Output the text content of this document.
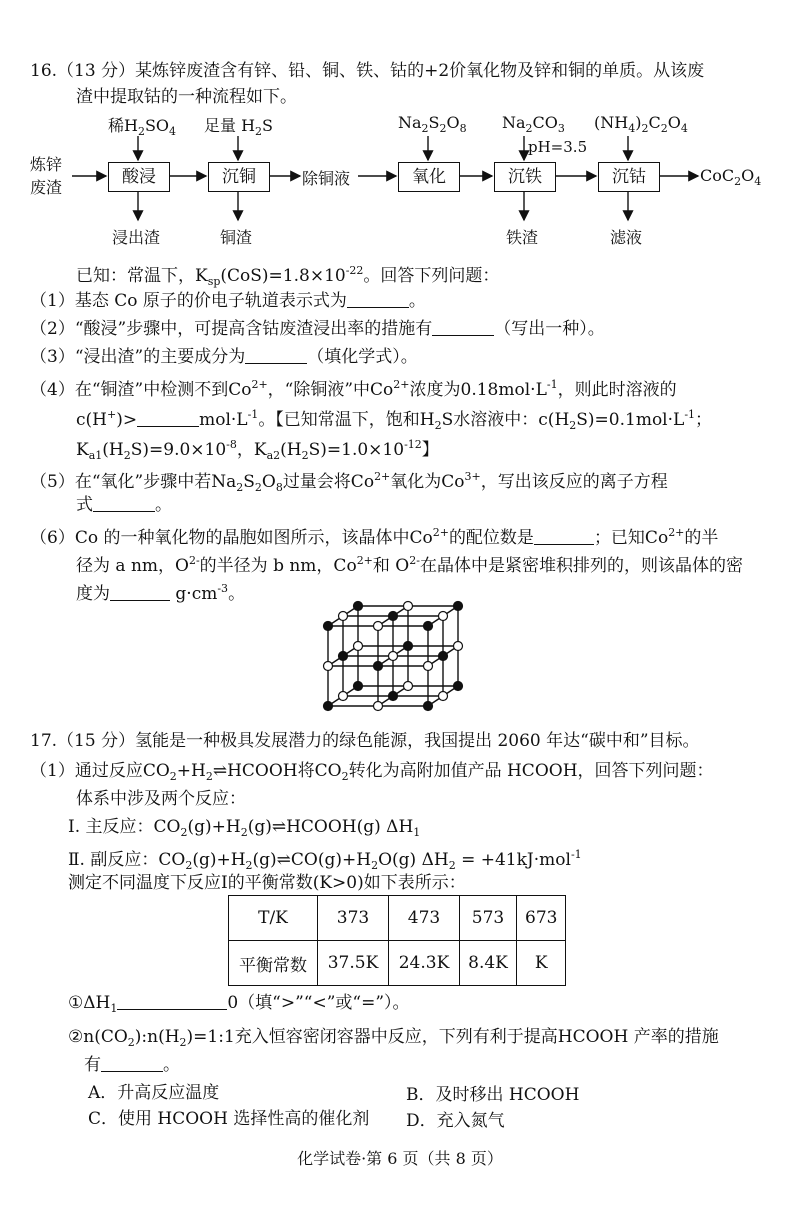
16.（13 分）某炼锌废渣含有锌、铅、铜、铁、钴的+2价氧化物及锌和铜的单质。从该废
渣中提取钴的一种流程如下。
炼锌
废渣
稀$H_2SO_4$ 足量 $H_2S$	$Na_2S_2O_8$ $Na_2CO_3$
pH=3.5
$(NH_4)_2C_2O_4$
酸浸	沉铜	除铜液	氧化	沉铁	沉钴	$CoC_2O_4$
浸出渣	铜渣	铁渣	滤液
已知：常温下，$K_{sp}(CoS)=1.8\times 10^{-22}$。回答下列问题：
（1）基态 Co 原子的价电子轨道表示式为	。
（2）“酸浸”步骤中，可提高含钴废渣浸出率的措施有	（写出一种）。
（3）“浸出渣”的主要成分为	（填化学式）。
（4）在“铜渣”中检测不到$Co^{2+}$，“除铜液”中$Co^{2+}$浓度为$0.18mol\cdot L^{-1}$，则此时溶液的
c(H+)>	$mol\cdot L^{-1}$。【已知常温下，饱和$H_2S$水溶液中：$c(H_2S)=0.1mol\cdot L^{-1}$；
$K_{a1}(H_2S)=9.0\times 10^{-8}$，$K_{a2}(H_2S)=1.0\times 10^{-12}$】
（5）在“氧化”步骤中若$Na_2S_2O_8$过量会将$Co^{2+}$氧化为$Co^{3+}$，写出该反应的离子方程
式	。
（6）Co 的一种氧化物的晶胞如图所示，该晶体中$Co^{2+}$的配位数是	；已知$Co^{2+}$的半
径为 a nm，$O^{2-}$的半径为 b nm，$Co^{2+}$和 $O^{2-}$在晶体中是紧密堆积排列的，则该晶体的密
度为	$g\cdot cm^{-3}$。
17.（15 分）氢能是一种极具发展潜力的绿色能源，我国提出 2060 年达“碳中和”目标。
（1）通过反应$CO_2+H_2\rightleftharpoons HCOOH$将$CO_2$转化为高附加值产品 HCOOH，回答下列问题：
体系中涉及两个反应：
Ⅰ. 主反应：$CO_2(g)+H_2(g)\rightleftharpoons HCOOH(g)$ $\Delta H_1$
Ⅱ. 副反应：$CO_2(g)+H_2(g)\rightleftharpoons CO(g)+H_2O(g) \Delta H_2 = +41kJ\cdot mol^{-1}$
测定不同温度下反应Ⅰ的平衡常数(K>0)如下表所示：
T/K	373	473	573	673
平衡常数	37.5K	24.3K	8.4K	K
$①\Delta H_1$	0（填“>”“<”或“=”）。
$②n(CO_2):n(H_2)=1:1$充入恒容密闭容器中反应，下列有利于提高HCOOH 产率的措施
有	。
A．升高反应温度	B．及时移出 HCOOH
C．使用 HCOOH 选择性高的催化剂 D．充入氮气
化学试卷·第 6 页（共 8 页）
